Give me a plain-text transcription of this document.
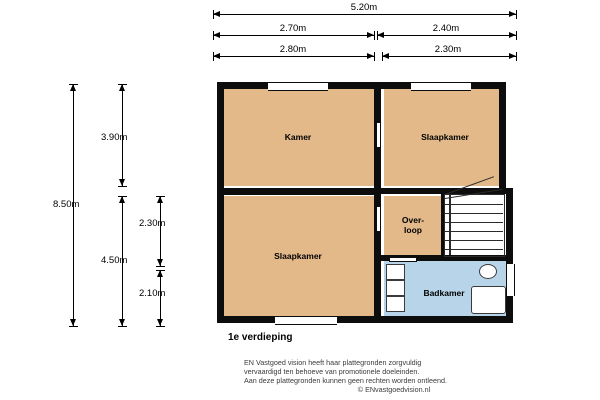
5.20m
2.70m	2.40m
2.80m	2.30m
8.50m
3.90m
4.50m
2.30m
2.10m
Kamer	Slaapkamer
Slaapkamer
Over-
loop
Badkamer
1e verdieping
EN Vastgoed vision heeft haar plattegronden zorgvuldig
vervaardigd ten behoeve van promotionele doeleinden.
Aan deze plattegronden kunnen geen rechten worden ontleend.
© ENvastgoedvision.nl
